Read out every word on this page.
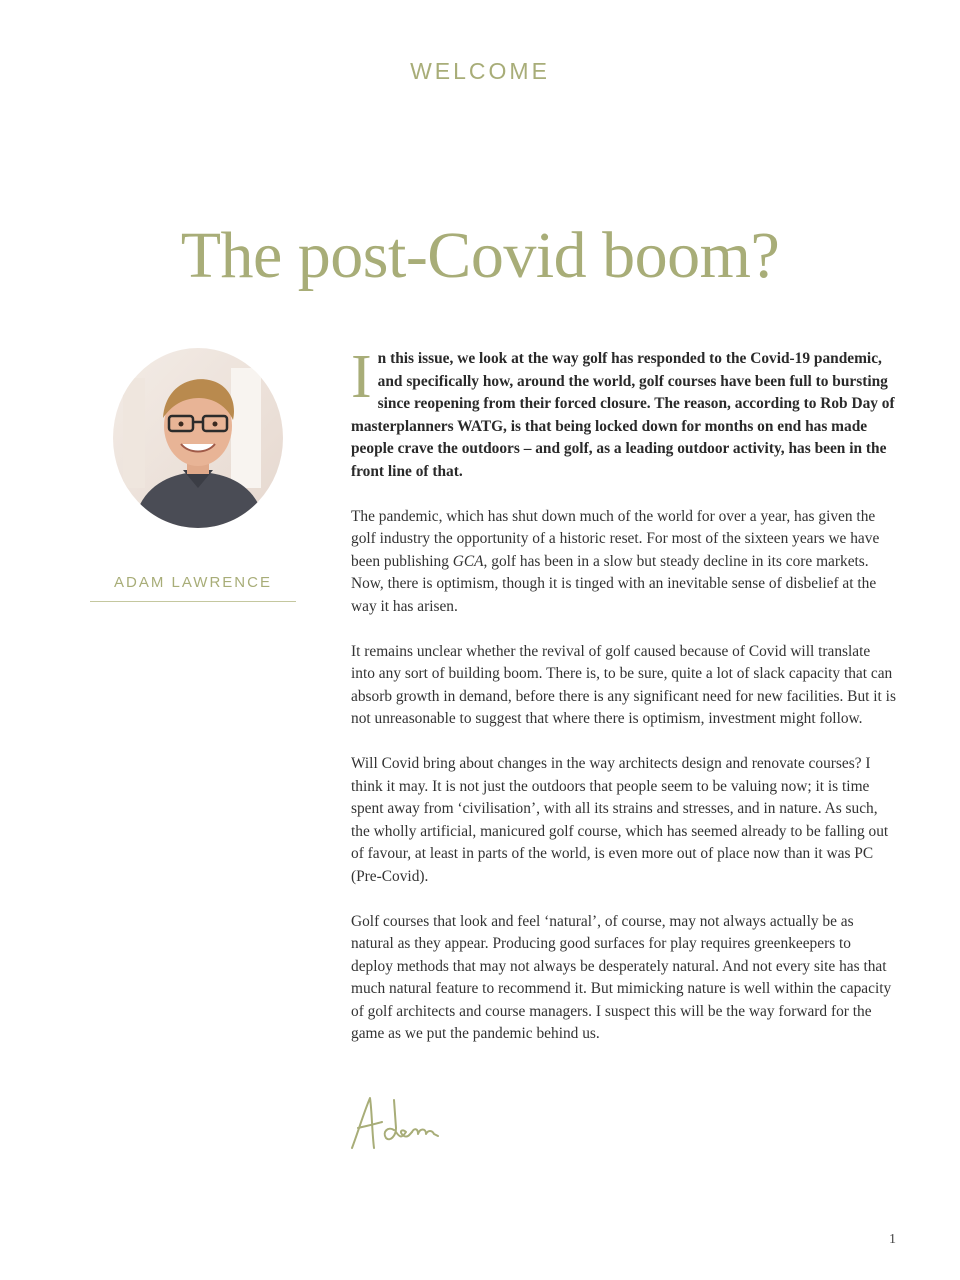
WELCOME
The post-Covid boom?
ADAM LAWRENCE

In this issue, we look at the way golf has responded to the Covid-19 pandemic, and specifically how, around the world, golf courses have been full to bursting since reopening from their forced closure. The reason, according to Rob Day of masterplanners WATG, is that being locked down for months on end has made people crave the outdoors – and golf, as a leading outdoor activity, has been in the front line of that.

The pandemic, which has shut down much of the world for over a year, has given the golf industry the opportunity of a historic reset. For most of the sixteen years we have been publishing GCA, golf has been in a slow but steady decline in its core markets. Now, there is optimism, though it is tinged with an inevitable sense of disbelief at the way it has arisen.

It remains unclear whether the revival of golf caused because of Covid will translate into any sort of building boom. There is, to be sure, quite a lot of slack capacity that can absorb growth in demand, before there is any significant need for new facilities. But it is not unreasonable to suggest that where there is optimism, investment might follow.

Will Covid bring about changes in the way architects design and renovate courses? I think it may. It is not just the outdoors that people seem to be valuing now; it is time spent away from ‘civilisation’, with all its strains and stresses, and in nature. As such, the wholly artificial, manicured golf course, which has seemed already to be falling out of favour, at least in parts of the world, is even more out of place now than it was PC (Pre-Covid).

Golf courses that look and feel ‘natural’, of course, may not always actually be as natural as they appear. Producing good surfaces for play requires greenkeepers to deploy methods that may not always be desperately natural. And not every site has that much natural feature to recommend it. But mimicking nature is well within the capacity of golf architects and course managers. I suspect this will be the way forward for the game as we put the pandemic behind us.

1
